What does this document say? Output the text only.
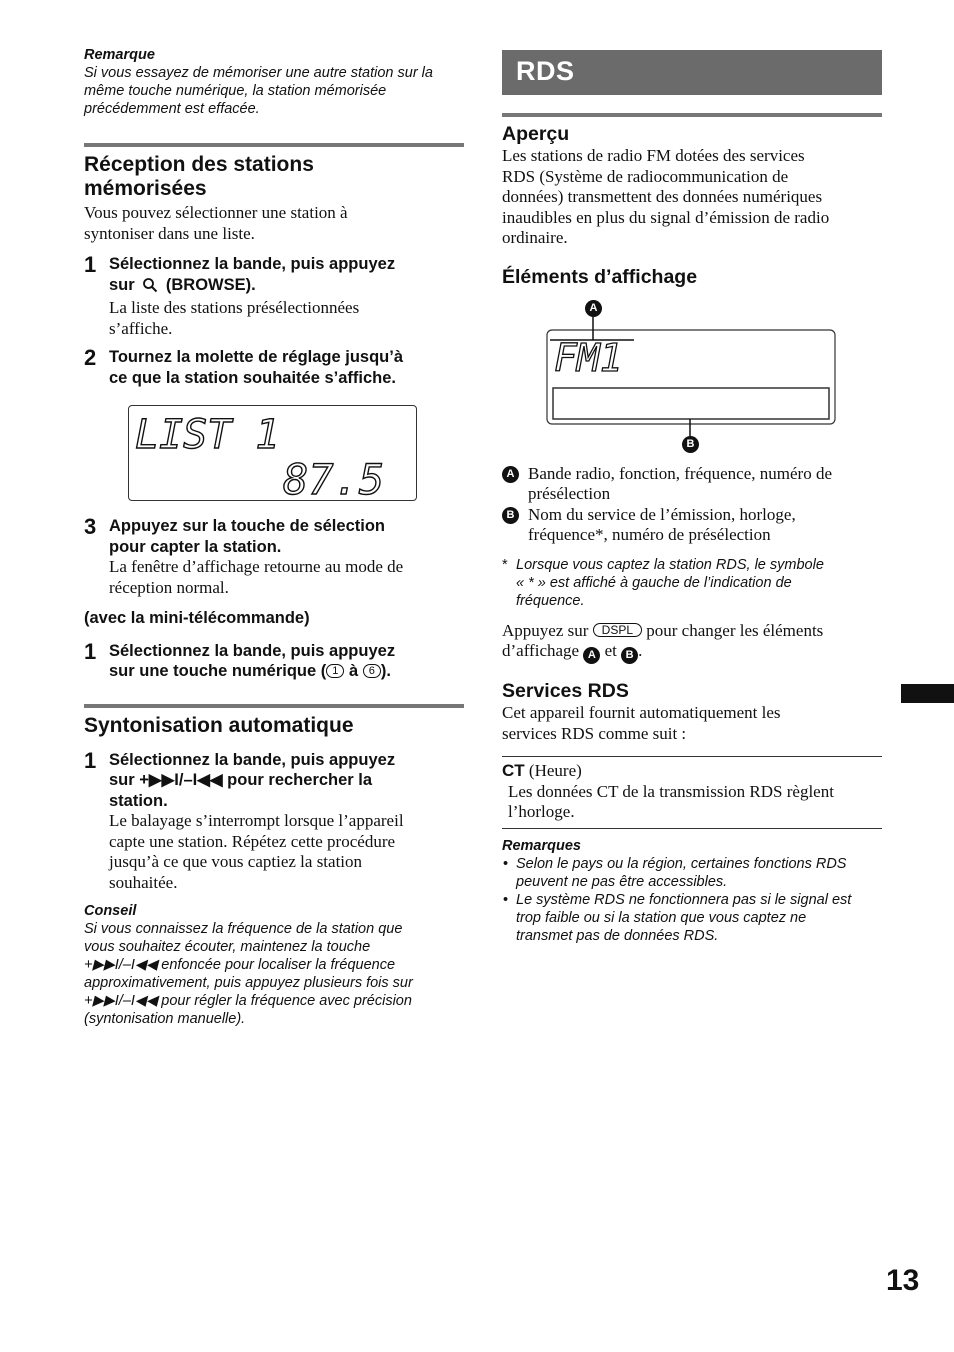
Remarque
Si vous essayez de mémoriser une autre station sur la
même touche numérique, la station mémorisée
précédemment est effacée.
Réception des stations
mémorisées
Vous pouvez sélectionner une station à
syntoniser dans une liste.
1 Sélectionnez la bande, puis appuyez
sur (BROWSE).
La liste des stations présélectionnées
s’affiche.
2 Tournez la molette de réglage jusqu’à
ce que la station souhaitée s’affiche.
LIST 1
87.5
3 Appuyez sur la touche de sélection
pour capter la station.
La fenêtre d’affichage retourne au mode de
réception normal.
(avec la mini-télécommande)
1 Sélectionnez la bande, puis appuyez
sur une touche numérique ( 1 à 6 ).
Syntonisation automatique
1 Sélectionnez la bande, puis appuyez
sur +▶▶I/–I◀◀ pour rechercher la
station.
Le balayage s’interrompt lorsque l’appareil
capte une station. Répétez cette procédure
jusqu’à ce que vous captiez la station
souhaitée.
Conseil
Si vous connaissez la fréquence de la station que
vous souhaitez écouter, maintenez la touche
+▶▶I/–I◀◀ enfoncée pour localiser la fréquence
approximativement, puis appuyez plusieurs fois sur
+▶▶I/–I◀◀ pour régler la fréquence avec précision
(syntonisation manuelle).
RDS
Aperçu
Les stations de radio FM dotées des services
RDS (Système de radiocommunication de
données) transmettent des données numériques
inaudibles en plus du signal d’émission de radio
ordinaire.
Éléments d’affichage
FM1
A
B
A Bande radio, fonction, fréquence, numéro de
présélection
B Nom du service de l’émission, horloge,
fréquence*, numéro de présélection
* Lorsque vous captez la station RDS, le symbole
« * » est affiché à gauche de l’indication de
fréquence.
Appuyez sur DSPL pour changer les éléments
d’affichage A et B .
Services RDS
Cet appareil fournit automatiquement les
services RDS comme suit :
CT (Heure)
Les données CT de la transmission RDS règlent
l’horloge.
Remarques
• Selon le pays ou la région, certaines fonctions RDS
peuvent ne pas être accessibles.
• Le système RDS ne fonctionnera pas si le signal est
trop faible ou si la station que vous captez ne
transmet pas de données RDS.
13
